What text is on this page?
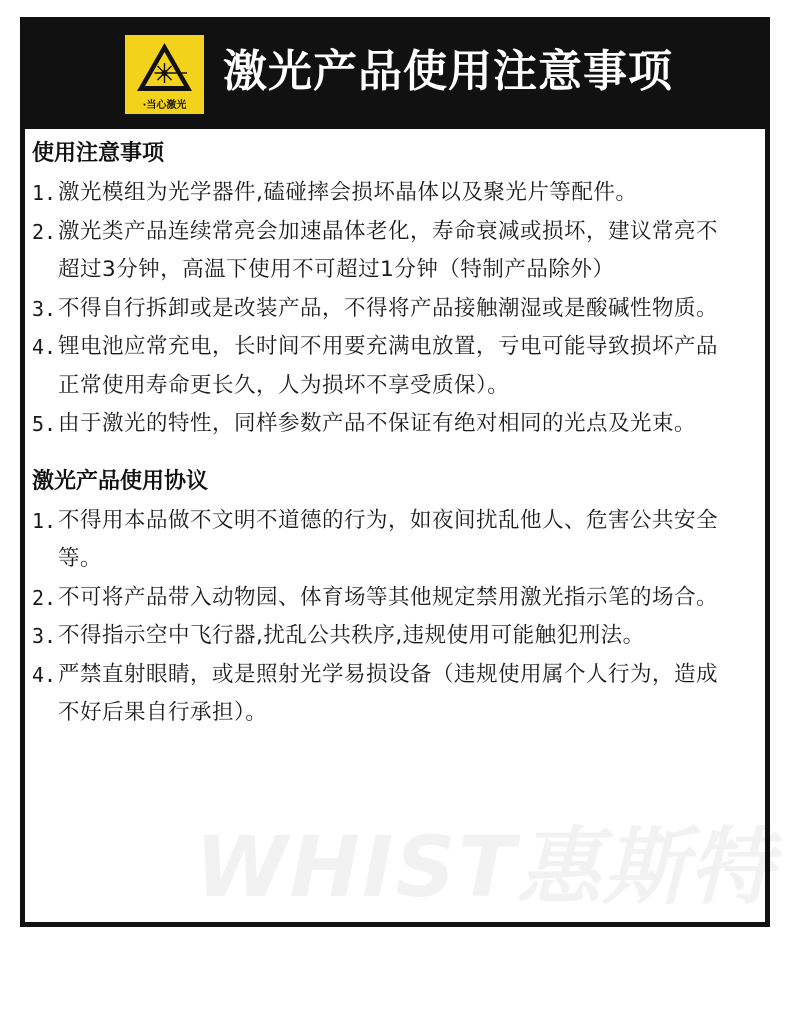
·当心激光
激光产品使用注意事项
使用注意事项
1. 激光模组为光学器件,磕碰摔会损坏晶体以及聚光片等配件。
2. 激光类产品连续常亮会加速晶体老化，寿命衰减或损坏，建议常亮不超过3分钟，高温下使用不可超过1分钟（特制产品除外）
3. 不得自行拆卸或是改装产品，不得将产品接触潮湿或是酸碱性物质。
4. 锂电池应常充电，长时间不用要充满电放置，亏电可能导致损坏产品正常使用寿命更长久，人为损坏不享受质保）。
5. 由于激光的特性，同样参数产品不保证有绝对相同的光点及光束。
激光产品使用协议
1. 不得用本品做不文明不道德的行为，如夜间扰乱他人、危害公共安全等。
2. 不可将产品带入动物园、体育场等其他规定禁用激光指示笔的场合。
3. 不得指示空中飞行器,扰乱公共秩序,违规使用可能触犯刑法。
4. 严禁直射眼睛，或是照射光学易损设备（违规使用属个人行为，造成不好后果自行承担）。
